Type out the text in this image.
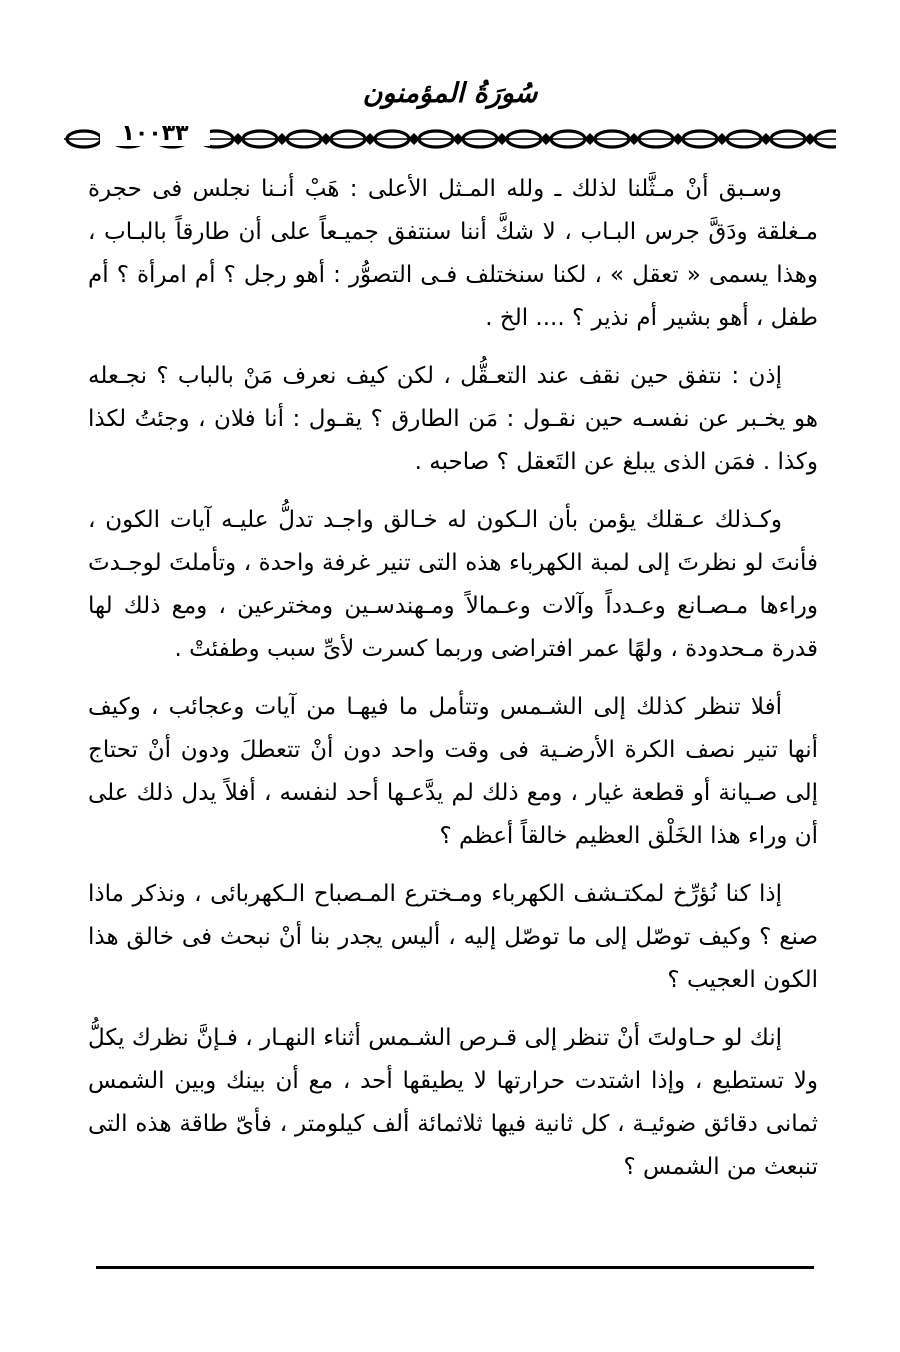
سُورَةُ المؤمنون
١٠٠٣٣

وسـبق أنْ مـثَّلنا لذلك ـ ولله المـثل الأعلى : هَبْ أنـنا نجلس فى حجرة مـغلقة ودَقَّ جرس البـاب ، لا شكَّ أننا سنتفق جميـعاً على أن طارقاً بالبـاب ، وهذا يسمى « تعقل » ، لكنا سنختلف فـى التصوُّر : أهو رجل ؟ أم امرأة ؟ أم طفل ، أهو بشير أم نذير ؟ .... الخ .

إذن : نتفق حين نقف عند التعـقُّل ، لكن كيف نعرف مَنْ بالباب ؟ نجـعله هو يخـبر عن نفسـه حين نقـول : مَن الطارق ؟ يقـول : أنا فلان ، وجئتُ لكذا وكذا . فمَن الذى يبلغ عن التَعقل ؟ صاحبه .

وكـذلك عـقلك يؤمن بأن الـكون له خـالق واجـد تدلُّ عليـه آيات الكون ، فأنتَ لو نظرتَ إلى لمبة الكهرباء هذه التى تنير غرفة واحدة ، وتأملتَ لوجـدتَ وراءها مـصـانع وعـدداً وآلات وعـمالاً ومـهندسـين ومخترعين ، ومع ذلك لها قدرة مـحدودة ، ولهًا عمر افتراضى وربما كسرت لأىِّ سبب وطفئتْ .

أفلا تنظر كذلك إلى الشـمس وتتأمل ما فيهـا من آيات وعجائب ، وكيف أنها تنير نصف الكرة الأرضـية فى وقت واحد دون أنْ تتعطلَ ودون أنْ تحتاج إلى صـيانة أو قطعة غيار ، ومع ذلك لم يدَّعـها أحد لنفسه ، أفلاً يدل ذلك على أن وراء هذا الخَلْق العظيم خالقاً أعظم ؟

إذا كنا نُؤرِّخ لمكتـشف الكهرباء ومـخترع المـصباح الـكهربائى ، ونذكر ماذا صنع ؟ وكيف توصّل إلى ما توصّل إليه ، أليس يجدر بنا أنْ نبحث فى خالق هذا الكون العجيب ؟

إنك لو حـاولتَ أنْ تنظر إلى قـرص الشـمس أثناء النهـار ، فـإنَّ نظرك يكلُّ ولا تستطيع ، وإذا اشتدت حرارتها لا يطيقها أحد ، مع أن بينك وبين الشمس ثمانى دقائق ضوئيـة ، كل ثانية فيها ثلاثمائة ألف كيلومتر ، فأىّ طاقة هذه التى تنبعث من الشمس ؟
